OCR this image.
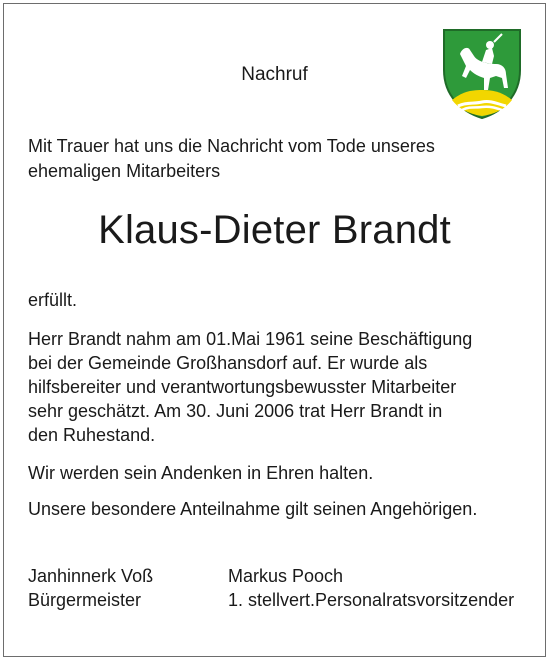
Nachruf
Mit Trauer hat uns die Nachricht vom Tode unseres
ehemaligen Mitarbeiters
Klaus-Dieter Brandt

erfüllt.

Herr Brandt nahm am 01.Mai 1961 seine Beschäftigung
bei der Gemeinde Großhansdorf auf. Er wurde als
hilfsbereiter und verantwortungsbewusster Mitarbeiter
sehr geschätzt. Am 30. Juni 2006 trat Herr Brandt in
den Ruhestand.

Wir werden sein Andenken in Ehren halten.

Unsere besondere Anteilnahme gilt seinen Angehörigen.

Janhinnerk Voß
Bürgermeister
Markus Pooch
1. stellvert.Personalratsvorsitzender
